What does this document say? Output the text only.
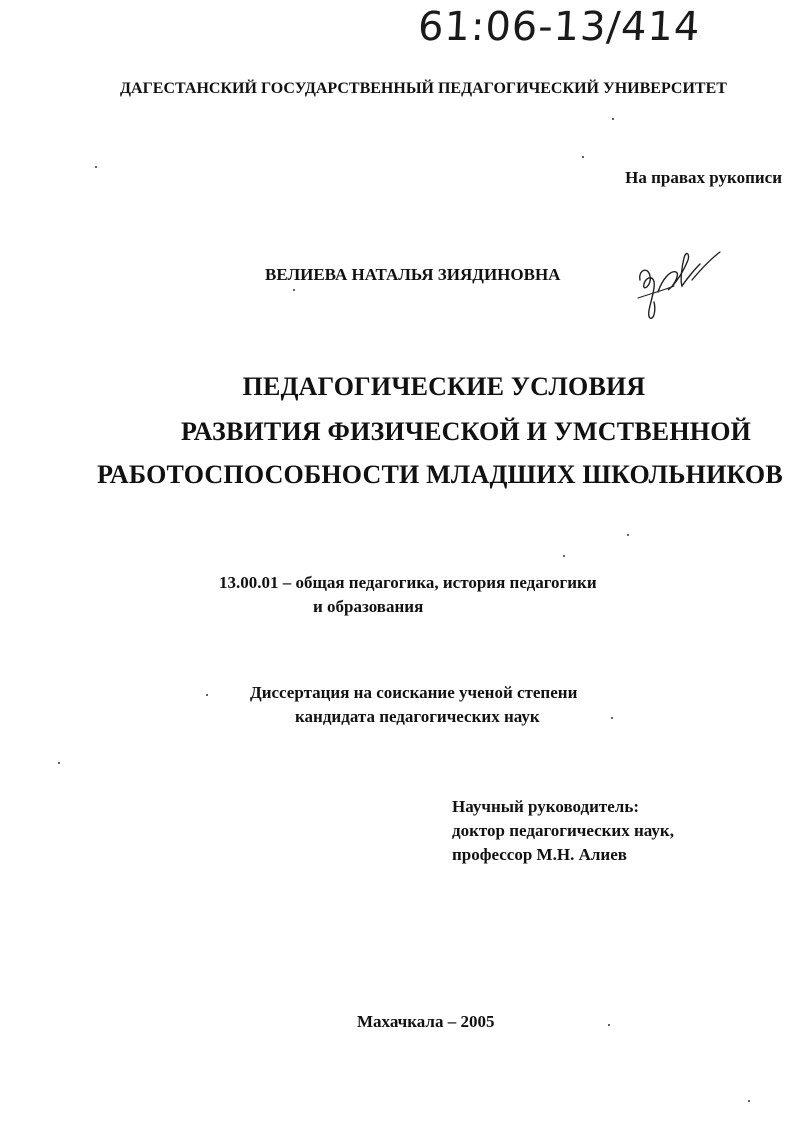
61:06-13/414
ДАГЕСТАНСКИЙ ГОСУДАРСТВЕННЫЙ ПЕДАГОГИЧЕСКИЙ УНИВЕРСИТЕТ
На правах рукописи
ВЕЛИЕВА НАТАЛЬЯ ЗИЯДИНОВНА
ПЕДАГОГИЧЕСКИЕ УСЛОВИЯ
РАЗВИТИЯ ФИЗИЧЕСКОЙ И УМСТВЕННОЙ
РАБОТОСПОСОБНОСТИ МЛАДШИХ ШКОЛЬНИКОВ
13.00.01 – общая педагогика, история педагогики
и образования
Диссертация на соискание ученой степени
кандидата педагогических наук
Научный руководитель:
доктор педагогических наук,
профессор М.Н. Алиев
Махачкала – 2005
